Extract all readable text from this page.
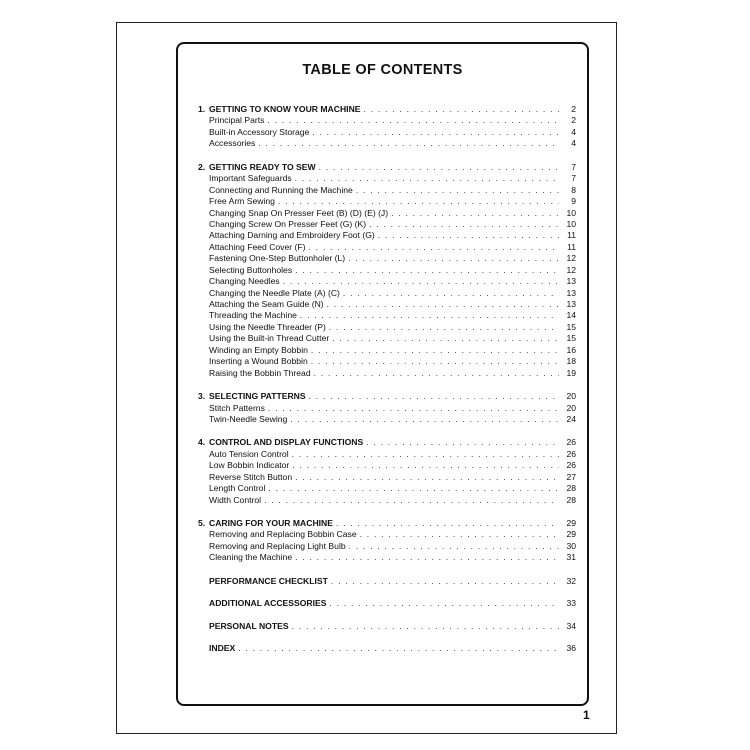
TABLE OF CONTENTS
1. GETTING TO KNOW YOUR MACHINE . . .	2
Principal Parts . . .	2
Built-in Accessory Storage . . .	4
Accessories . . .	4
2. GETTING READY TO SEW . . .	7
Important Safeguards . . .	7
Connecting and Running the Machine . . .	8
Free Arm Sewing . . .	9
Changing Snap On Presser Feet (B) (D) (E) (J) . . .	10
Changing Screw On Presser Feet (G) (K) . . .	10
Attaching Darning and Embroidery Foot (G) . . .	11
Attaching Feed Cover (F) . . .	11
Fastening One-Step Buttonholer (L) . . .	12
Selecting Buttonholes . . .	12
Changing Needles . . .	13
Changing the Needle Plate (A) (C) . . .	13
Attaching the Seam Guide (N) . . .	13
Threading the Machine . . .	14
Using the Needle Threader (P) . . .	15
Using the Built-in Thread Cutter . . .	15
Winding an Empty Bobbin . . .	16
Inserting a Wound Bobbin . . .	18
Raising the Bobbin Thread . . .	19
3. SELECTING PATTERNS . . .	20
Stitch Patterns . . .	20
Twin-Needle Sewing . . .	24
4. CONTROL AND DISPLAY FUNCTIONS . . .	26
Auto Tension Control . . .	26
Low Bobbin Indicator . . .	26
Reverse Stitch Button . . .	27
Length Control . . .	28
Width Control . . .	28
5. CARING FOR YOUR MACHINE . . .	29
Removing and Replacing Bobbin Case . . .	29
Removing and Replacing Light Bulb . . .	30
Cleaning the Machine . . .	31
PERFORMANCE CHECKLIST . . .	32
ADDITIONAL ACCESSORIES . . .	33
PERSONAL NOTES . . .	34
INDEX . . .	36
1
